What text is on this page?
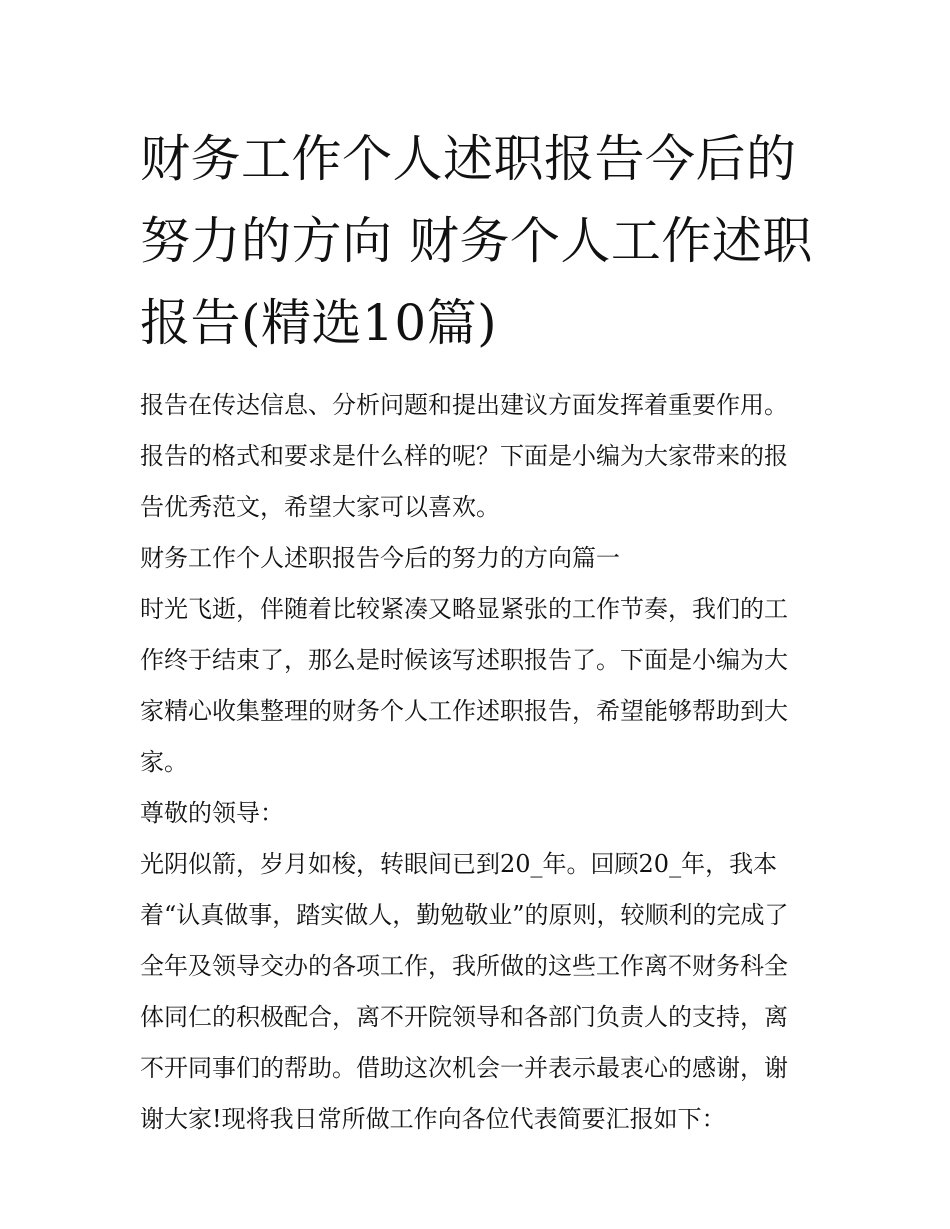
财务工作个人述职报告今后的
努力的方向 财务个人工作述职
报告(精选10篇)

报告在传达信息、分析问题和提出建议方面发挥着重要作用。
报告的格式和要求是什么样的呢？下面是小编为大家带来的报
告优秀范文，希望大家可以喜欢。

财务工作个人述职报告今后的努力的方向篇一

时光飞逝，伴随着比较紧凑又略显紧张的工作节奏，我们的工
作终于结束了，那么是时候该写述职报告了。下面是小编为大
家精心收集整理的财务个人工作述职报告，希望能够帮助到大
家。

尊敬的领导：

光阴似箭，岁月如梭，转眼间已到20_年。回顾20_年，我本
着“认真做事，踏实做人，勤勉敬业”的原则，较顺利的完成了
全年及领导交办的各项工作，我所做的这些工作离不财务科全
体同仁的积极配合，离不开院领导和各部门负责人的支持，离
不开同事们的帮助。借助这次机会一并表示最衷心的感谢，谢
谢大家!现将我日常所做工作向各位代表简要汇报如下：
